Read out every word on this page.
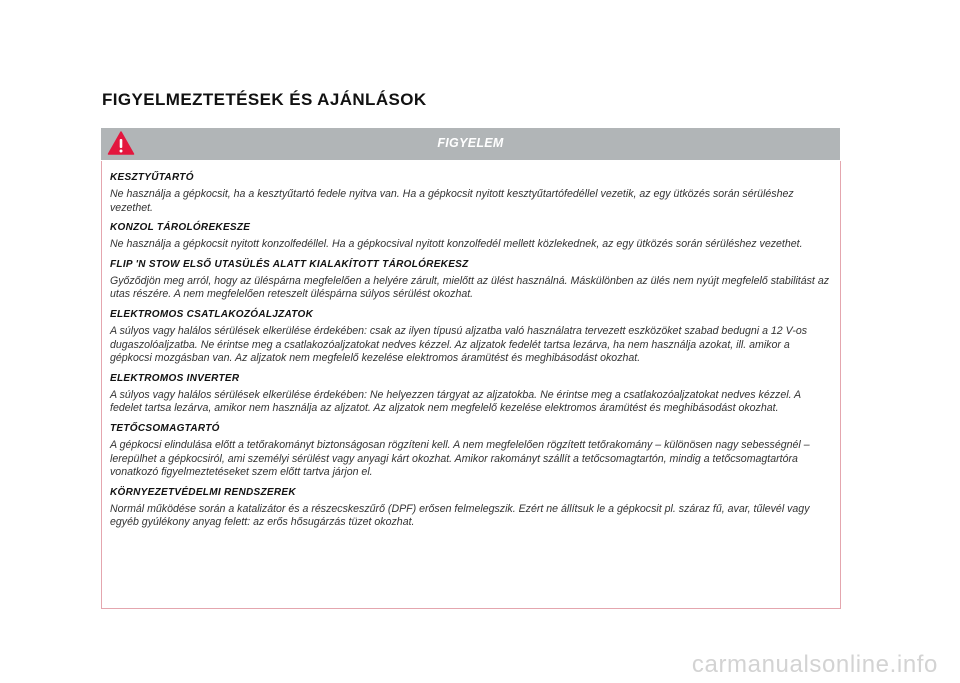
FIGYELMEZTETÉSEK ÉS AJÁNLÁSOK
FIGYELEM

KESZTYŰTARTÓ

Ne használja a gépkocsit, ha a kesztyűtartó fedele nyitva van. Ha a gépkocsit nyitott kesztyűtartófedéllel vezetik, az egy ütközés során sérüléshez vezethet.

KONZOL TÁROLÓREKESZE

Ne használja a gépkocsit nyitott konzolfedéllel. Ha a gépkocsival nyitott konzolfedél mellett közlekednek, az egy ütközés során sérüléshez vezethet.

FLIP 'N STOW ELSŐ UTASÜLÉS ALATT KIALAKÍTOTT TÁROLÓREKESZ

Győződjön meg arról, hogy az üléspárna megfelelően a helyére zárult, mielőtt az ülést használná. Máskülönben az ülés nem nyújt megfelelő stabilitást az utas részére. A nem megfelelően reteszelt üléspárna súlyos sérülést okozhat.

ELEKTROMOS CSATLAKOZÓALJZATOK

A súlyos vagy halálos sérülések elkerülése érdekében: csak az ilyen típusú aljzatba való használatra tervezett eszközöket szabad bedugni a 12 V-os dugaszolóaljzatba. Ne érintse meg a csatlakozóaljzatokat nedves kézzel. Az aljzatok fedelét tartsa lezárva, ha nem használja azokat, ill. amikor a gépkocsi mozgásban van. Az aljzatok nem megfelelő kezelése elektromos áramütést és meghibásodást okozhat.

ELEKTROMOS INVERTER

A súlyos vagy halálos sérülések elkerülése érdekében: Ne helyezzen tárgyat az aljzatokba. Ne érintse meg a csatlakozóaljzatokat nedves kézzel. A fedelet tartsa lezárva, amikor nem használja az aljzatot. Az aljzatok nem megfelelő kezelése elektromos áramütést és meghibásodást okozhat.

TETŐCSOMAGTARTÓ

A gépkocsi elindulása előtt a tetőrakományt biztonságosan rögzíteni kell. A nem megfelelően rögzített tetőrakomány – különösen nagy sebességnél – lerepülhet a gépkocsiról, ami személyi sérülést vagy anyagi kárt okozhat. Amikor rakományt szállít a tetőcsomagtartón, mindig a tetőcsomagtartóra vonatkozó figyelmeztetéseket szem előtt tartva járjon el.

KÖRNYEZETVÉDELMI RENDSZEREK

Normál működése során a katalizátor és a részecskeszűrő (DPF) erősen felmelegszik. Ezért ne állítsuk le a gépkocsit pl. száraz fű, avar, tűlevél vagy egyéb gyúlékony anyag felett: az erős hősugárzás tüzet okozhat.

carmanualsonline.info
